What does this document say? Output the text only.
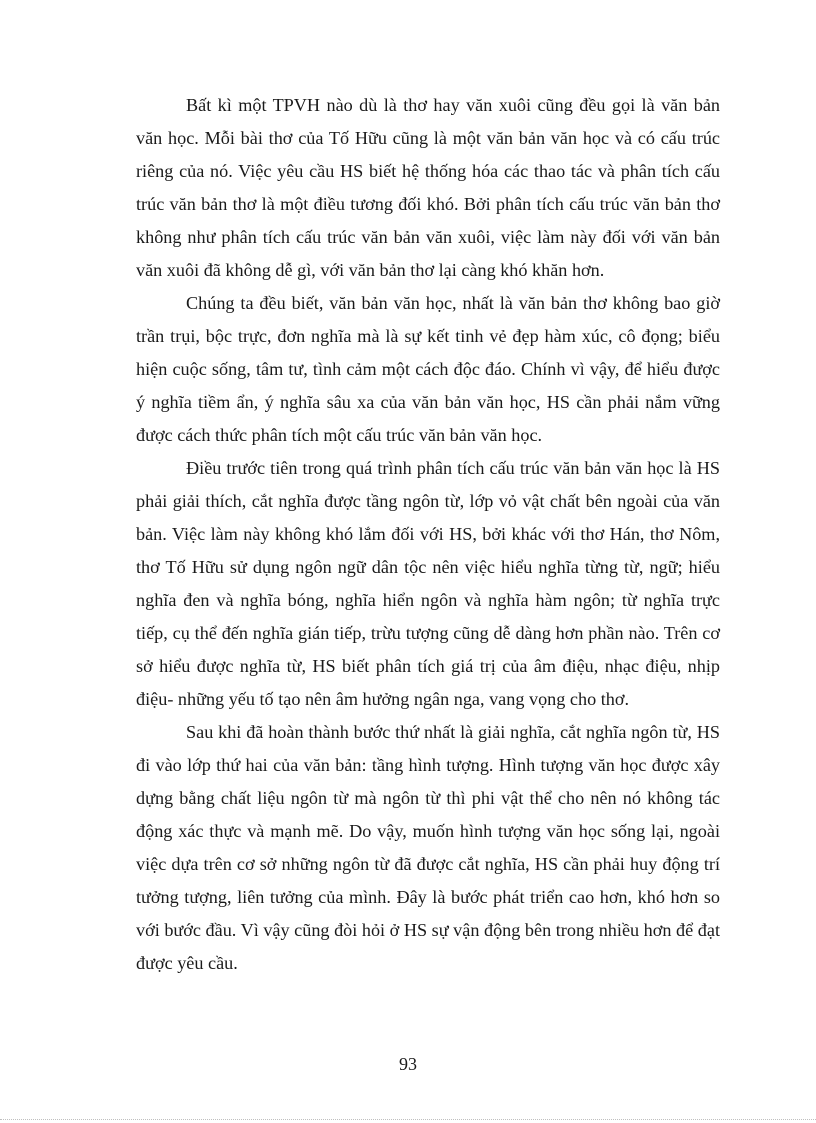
Bất kì một TPVH nào dù là thơ hay văn xuôi cũng đều gọi là văn bản văn học. Mỗi bài thơ của Tố Hữu cũng là một văn bản văn học và có cấu trúc riêng của nó. Việc yêu cầu HS biết hệ thống hóa các thao tác và phân tích cấu trúc văn bản thơ là một điều tương đối khó. Bởi phân tích cấu trúc văn bản thơ không như phân tích cấu trúc văn bản văn xuôi, việc làm này đối với văn bản văn xuôi đã không dễ gì, với văn bản thơ lại càng khó khăn hơn.

Chúng ta đều biết, văn bản văn học, nhất là văn bản thơ không bao giờ trần trụi, bộc trực, đơn nghĩa mà là sự kết tinh vẻ đẹp hàm xúc, cô đọng; biểu hiện cuộc sống, tâm tư, tình cảm một cách độc đáo. Chính vì vậy, để hiểu được ý nghĩa tiềm ẩn, ý nghĩa sâu xa của văn bản văn học, HS cần phải nắm vững được cách thức phân tích một cấu trúc văn bản văn học.

Điều trước tiên trong quá trình phân tích cấu trúc văn bản văn học là HS phải giải thích, cắt nghĩa được tầng ngôn từ, lớp vỏ vật chất bên ngoài của văn bản. Việc làm này không khó lắm đối với HS, bởi khác với thơ Hán, thơ Nôm, thơ Tố Hữu sử dụng ngôn ngữ dân tộc nên việc hiểu nghĩa từng từ, ngữ; hiểu nghĩa đen và nghĩa bóng, nghĩa hiển ngôn và nghĩa hàm ngôn; từ nghĩa trực tiếp, cụ thể đến nghĩa gián tiếp, trừu tượng cũng dễ dàng hơn phần nào. Trên cơ sở hiểu được nghĩa từ, HS biết phân tích giá trị của âm điệu, nhạc điệu, nhịp điệu- những yếu tố tạo nên âm hưởng ngân nga, vang vọng cho thơ.

Sau khi đã hoàn thành bước thứ nhất là giải nghĩa, cắt nghĩa ngôn từ, HS đi vào lớp thứ hai của văn bản: tầng hình tượng. Hình tượng văn học được xây dựng bằng chất liệu ngôn từ mà ngôn từ thì phi vật thể cho nên nó không tác động xác thực và mạnh mẽ. Do vậy, muốn hình tượng văn học sống lại, ngoài việc dựa trên cơ sở những ngôn từ đã được cắt nghĩa, HS cần phải huy động trí tưởng tượng, liên tưởng của mình. Đây là bước phát triển cao hơn, khó hơn so với bước đầu. Vì vậy cũng đòi hỏi ở HS sự vận động bên trong nhiều hơn để đạt được yêu cầu.

93
